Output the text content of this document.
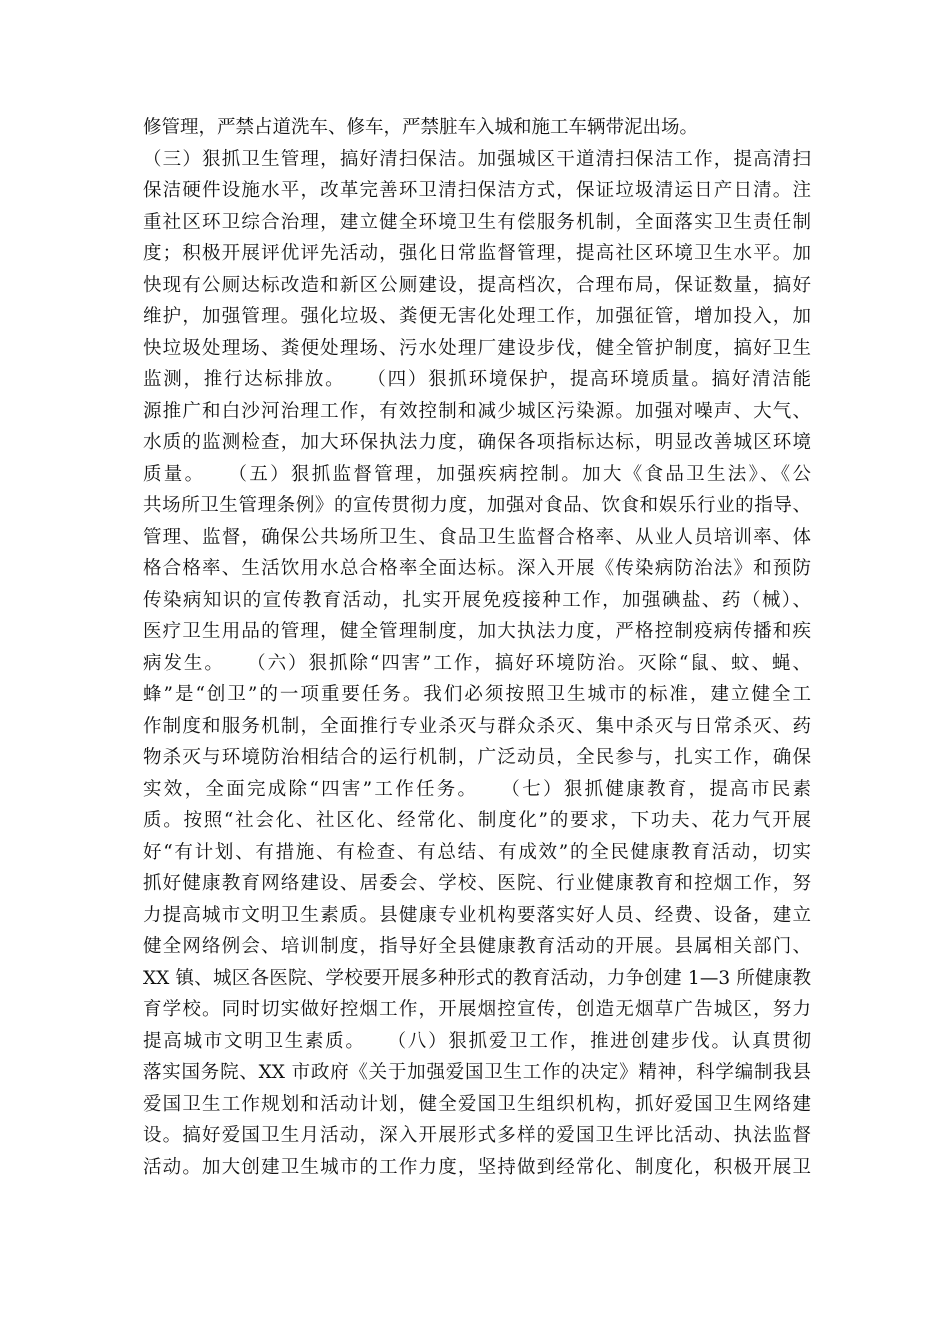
修管理，严禁占道洗车、修车，严禁脏车入城和施工车辆带泥出场。
（三）狠抓卫生管理，搞好清扫保洁。加强城区干道清扫保洁工作，提高清扫
保洁硬件设施水平，改革完善环卫清扫保洁方式，保证垃圾清运日产日清。注
重社区环卫综合治理，建立健全环境卫生有偿服务机制，全面落实卫生责任制
度；积极开展评优评先活动，强化日常监督管理，提高社区环境卫生水平。加
快现有公厕达标改造和新区公厕建设，提高档次，合理布局，保证数量，搞好
维护，加强管理。强化垃圾、粪便无害化处理工作，加强征管，增加投入，加
快垃圾处理场、粪便处理场、污水处理厂建设步伐，健全管护制度，搞好卫生
监测，推行达标排放。　　（四）狠抓环境保护，提高环境质量。搞好清洁能
源推广和白沙河治理工作，有效控制和减少城区污染源。加强对噪声、大气、
水质的监测检查，加大环保执法力度，确保各项指标达标，明显改善城区环境
质量。　　（五）狠抓监督管理，加强疾病控制。加大《食品卫生法》、《公
共场所卫生管理条例》的宣传贯彻力度，加强对食品、饮食和娱乐行业的指导、
管理、监督，确保公共场所卫生、食品卫生监督合格率、从业人员培训率、体
格合格率、生活饮用水总合格率全面达标。深入开展《传染病防治法》和预防
传染病知识的宣传教育活动，扎实开展免疫接种工作，加强碘盐、药（械）、
医疗卫生用品的管理，健全管理制度，加大执法力度，严格控制疫病传播和疾
病发生。　　（六）狠抓除“四害”工作，搞好环境防治。灭除“鼠、蚊、蝇、
蜂”是“创卫”的一项重要任务。我们必须按照卫生城市的标准，建立健全工
作制度和服务机制，全面推行专业杀灭与群众杀灭、集中杀灭与日常杀灭、药
物杀灭与环境防治相结合的运行机制，广泛动员，全民参与，扎实工作，确保
实效，全面完成除“四害”工作任务。　　（七）狠抓健康教育，提高市民素
质。按照“社会化、社区化、经常化、制度化”的要求，下功夫、花力气开展
好“有计划、有措施、有检查、有总结、有成效”的全民健康教育活动，切实
抓好健康教育网络建设、居委会、学校、医院、行业健康教育和控烟工作，努
力提高城市文明卫生素质。县健康专业机构要落实好人员、经费、设备，建立
健全网络例会、培训制度，指导好全县健康教育活动的开展。县属相关部门、
XX 镇、城区各医院、学校要开展多种形式的教育活动，力争创建 1—3 所健康教
育学校。同时切实做好控烟工作，开展烟控宣传，创造无烟草广告城区，努力
提高城市文明卫生素质。　　（八）狠抓爱卫工作，推进创建步伐。认真贯彻
落实国务院、XX 市政府《关于加强爱国卫生工作的决定》精神，科学编制我县
爱国卫生工作规划和活动计划，健全爱国卫生组织机构，抓好爱国卫生网络建
设。搞好爱国卫生月活动，深入开展形式多样的爱国卫生评比活动、执法监督
活动。加大创建卫生城市的工作力度，坚持做到经常化、制度化，积极开展卫
